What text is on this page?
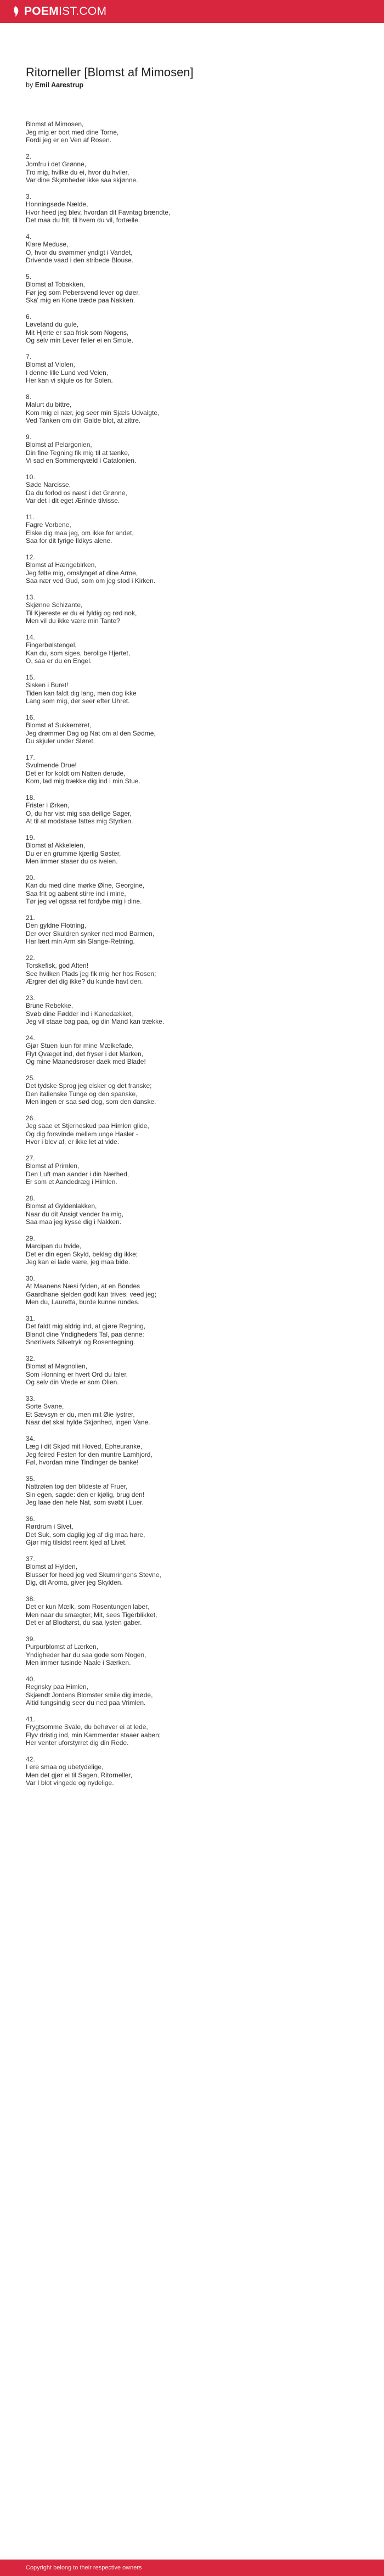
POEMIST.COM
Ritorneller [Blomst af Mimosen]
by Emil Aarestrup
Blomst af Mimosen,
Jeg mig er bort med dine Torne,
Fordi jeg er en Ven af Rosen.
2.
Jomfru i det Grønne,
Tro mig, hvilke du ei, hvor du hviler,
Var dine Skjønheder ikke saa skjønne.
3.
Honningsøde Nælde,
Hvor heed jeg blev, hvordan dit Favntag brændte,
Det maa du frit, til hvem du vil, fortælle.
4.
Klare Meduse,
O, hvor du svømmer yndigt i Vandet,
Drivende vaad i den stribede Blouse.
5.
Blomst af Tobakken,
Før jeg som Pebersvend lever og døer,
Ska' mig en Kone træde paa Nakken.
6.
Løvetand du gule,
Mit Hjerte er saa frisk som Nogens,
Og selv min Lever feiler ei en Smule.
7.
Blomst af Violen,
I denne lille Lund ved Veien,
Her kan vi skjule os for Solen.
8.
Malurt du bittre,
Kom mig ei nær, jeg seer min Sjæls Udvalgte,
Ved Tanken om din Galde blot, at zittre.
9.
Blomst af Pelargonien,
Din fine Tegning fik mig til at tænke,
Vi sad en Sommerqvæld i Catalonien.
10.
Søde Narcisse,
Da du forlod os næst i det Grønne,
Var det i dit eget Ærinde tilvisse.
11.
Fagre Verbene,
Elske dig maa jeg, om ikke for andet,
Saa for dit fyrige Ildkys alene.
12.
Blomst af Hængebirken,
Jeg følte mig, omslynget af dine Arme,
Saa nær ved Gud, som om jeg stod i Kirken.
13.
Skjønne Schizante,
Til Kjæreste er du ei fyldig og rød nok,
Men vil du ikke være min Tante?
14.
Fingerbølstengel,
Kan du, som siges, berolige Hjertet,
O, saa er du en Engel.
15.
Sisken i Buret!
Tiden kan faldt dig lang, men dog ikke
Lang som mig, der seer efter Uhret.
16.
Blomst af Sukkerrøret,
Jeg drømmer Dag og Nat om al den Sødme,
Du skjuler under Sløret.
17.
Svulmende Drue!
Det er for koldt om Natten derude,
Kom, lad mig trække dig ind i min Stue.
18.
Frister i Ørken,
O, du har vist mig saa deilige Sager,
At til at modstaae fattes mig Styrken.
19.
Blomst af Akkeleien,
Du er en grumme kjærlig Søster,
Men immer staaer du os iveien.
20.
Kan du med dine mørke Øine, Georgine,
Saa frit og aabent stirre ind i mine,
Tør jeg vel ogsaa ret fordybe mig i dine.
21.
Den gyldne Flotning,
Der over Skuldren synker ned mod Barmen,
Har lært min Arm sin Slange-Retning.
22.
Torskefisk, god Aften!
See hvilken Plads jeg fik mig her hos Rosen;
Ærgrer det dig ikke? du kunde havt den.
23.
Brune Rebekke,
Svøb dine Fødder ind i Kanedækket,
Jeg vil staae bag paa, og din Mand kan trække.
24.
Gjør Stuen luun for mine Mælkefade,
Flyt Qvæget ind, det fryser i det Marken,
Og mine Maanedsroser daek med Blade!
25.
Det tydske Sprog jeg elsker og det franske;
Den italienske Tunge og den spanske,
Men ingen er saa sød dog, som den danske.
26.
Jeg saae et Stjerneskud paa Himlen glide,
Og dig forsvinde mellem unge Hasler -
Hvor i blev af, er ikke let at vide.
27.
Blomst af Primlen,
Den Luft man aander i din Nærhed,
Er som et Aandedræg i Himlen.
28.
Blomst af Gyldenlakken,
Naar du dit Ansigt vender fra mig,
Saa maa jeg kysse dig i Nakken.
29.
Marcipan du hvide,
Det er din egen Skyld, beklag dig ikke;
Jeg kan ei lade være, jeg maa bide.
30.
At Maanens Næsi fylden, at en Bondes
Gaardhane sjelden godt kan trives, veed jeg;
Men du, Lauretta, burde kunne rundes.
31.
Det faldt mig aldrig ind, at gjøre Regning,
Blandt dine Yndigheders Tal, paa denne:
Snørlivets Silketryk og Rosentegning.
32.
Blomst af Magnolien,
Som Honning er hvert Ord du taler,
Og selv din Vrede er som Olien.
33.
Sorte Svane,
Et Sævsyn er du, men mit Øie lystrer,
Naar det skal hylde Skjønhed, ingen Vane.
34.
Læg i dit Skjød mit Hoved, Epheuranke,
Jeg feired Festen for den muntre Lamhjord,
Føl, hvordan mine Tindinger de banke!
35.
Nattrøien tog den blideste af Fruer,
Sin egen, sagde: den er kjølig, brug den!
Jeg laae den hele Nat, som svøbt i Luer.
36.
Rørdrum i Sivet,
Det Suk, som daglig jeg af dig maa høre,
Gjør mig tilsidst reent kjed af Livet.
37.
Blomst af Hylden,
Blusser for heed jeg ved Skumringens Stevne,
Dig, dit Aroma, giver jeg Skylden.
38.
Det er kun Mælk, som Rosentungen laber,
Men naar du smægter, Mit, sees Tigerblikket,
Det er af Blodtørst, du saa lysten gaber.
39.
Purpurblomst af Lærken,
Yndigheder har du saa gode som Nogen,
Men immer tusinde Naale i Særken.
40.
Regnsky paa Himlen,
Skjændt Jordens Blomster smile dig imøde,
Altid tungsindig seer du ned paa Vrimlen.
41.
Frygtsomme Svale, du behøver ei at lede,
Flyv dristig ind, min Kammerdør staaer aaben;
Her venter uforstyrret dig din Rede.
42.
I ere smaa og ubetydelige,
Men det gjør ei til Sagen, Ritorneller,
Var I blot vingede og nydelige.
Copyright belong to their respective owners
